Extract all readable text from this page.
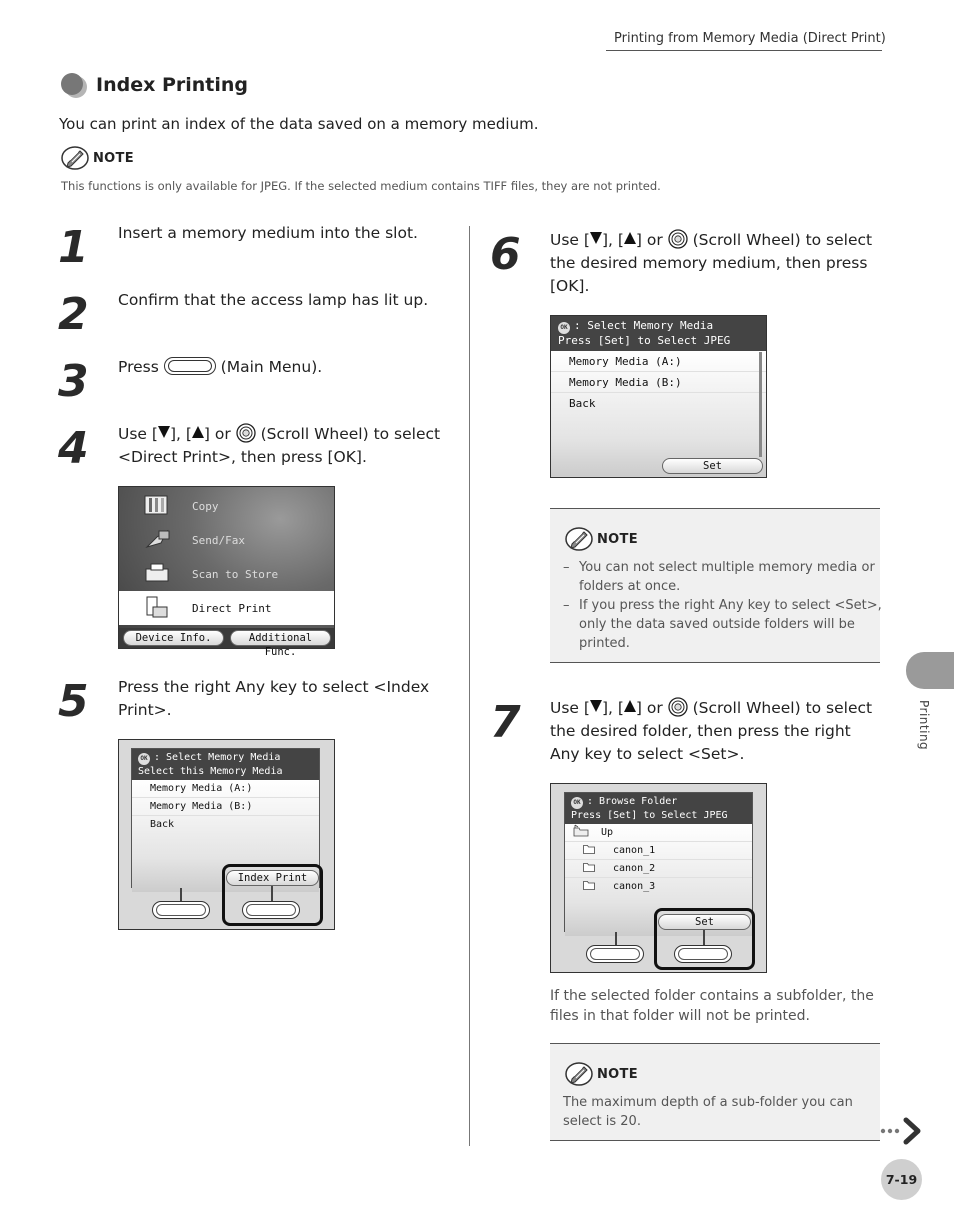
Printing from Memory Media (Direct Print)
Index Printing
You can print an index of the data saved on a memory medium.
NOTE
This functions is only available for JPEG. If the selected medium contains TIFF files, they are not printed.
1 Insert a memory medium into the slot.
2 Confirm that the access lamp has lit up.
3 Press	(Main Menu).
4 Use [ ], [ ] or (Scroll Wheel) to select
<Direct Print>, then press [OK].
Copy
Send/Fax
Scan to Store
Direct Print
Device Info.	Additional Func.
5 Press the right Any key to select <Index
Print>.
OK : Select Memory Media
Select this Memory Media
Memory Media (A:)
Memory Media (B:)
Back
Index Print
6 Use [ ], [ ] or (Scroll Wheel) to select
the desired memory medium, then press
[OK].
OK : Select Memory Media
Press [Set] to Select JPEG
Memory Media (A:)
Memory Media (B:)
Back
Set
NOTE
– You can not select multiple memory media or
folders at once.
– If you press the right Any key to select <Set>,
only the data saved outside folders will be
printed.
7 Use [ ], [ ] or (Scroll Wheel) to select
the desired folder, then press the right
Any key to select <Set>.
OK : Browse Folder
Press [Set] to Select JPEG
Up
canon_1
canon_2
canon_3
Set
If the selected folder contains a subfolder, the
files in that folder will not be printed.
NOTE
The maximum depth of a sub-folder you can
select is 20.
Printing
7-19
